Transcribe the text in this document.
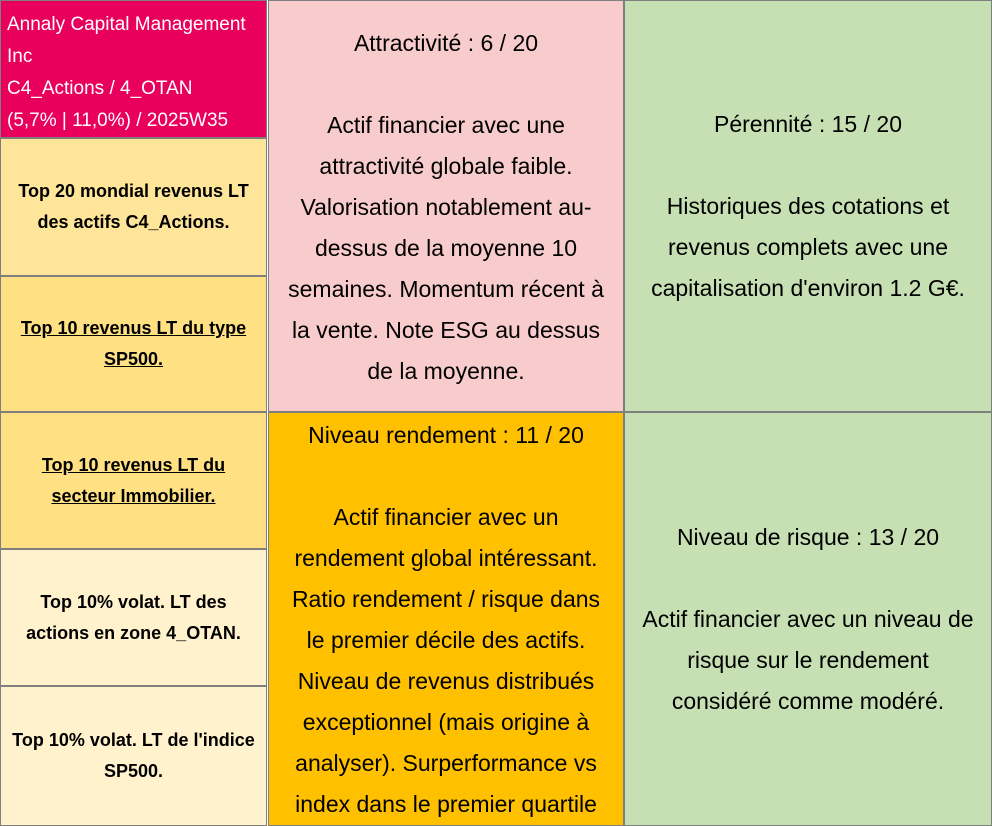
Annaly Capital Management
Inc
C4_Actions / 4_OTAN
(5,7% | 11,0%) / 2025W35
Top 20 mondial revenus LT
des actifs C4_Actions.
Top 10 revenus LT du type
SP500.
Top 10 revenus LT du
secteur Immobilier.
Top 10% volat. LT des
actions en zone 4_OTAN.
Top 10% volat. LT de l'indice
SP500.
Attractivité : 6 / 20
Actif financier avec une
attractivité globale faible.
Valorisation notablement au-
dessus de la moyenne 10
semaines. Momentum récent à
la vente. Note ESG au dessus
de la moyenne.
Pérennité : 15 / 20
Historiques des cotations et
revenus complets avec une
capitalisation d'environ 1.2 G€.
Niveau rendement : 11 / 20
Actif financier avec un
rendement global intéressant.
Ratio rendement / risque dans
le premier décile des actifs.
Niveau de revenus distribués
exceptionnel (mais origine à
analyser). Surperformance vs
index dans le premier quartile
Niveau de risque : 13 / 20
Actif financier avec un niveau de
risque sur le rendement
considéré comme modéré.
